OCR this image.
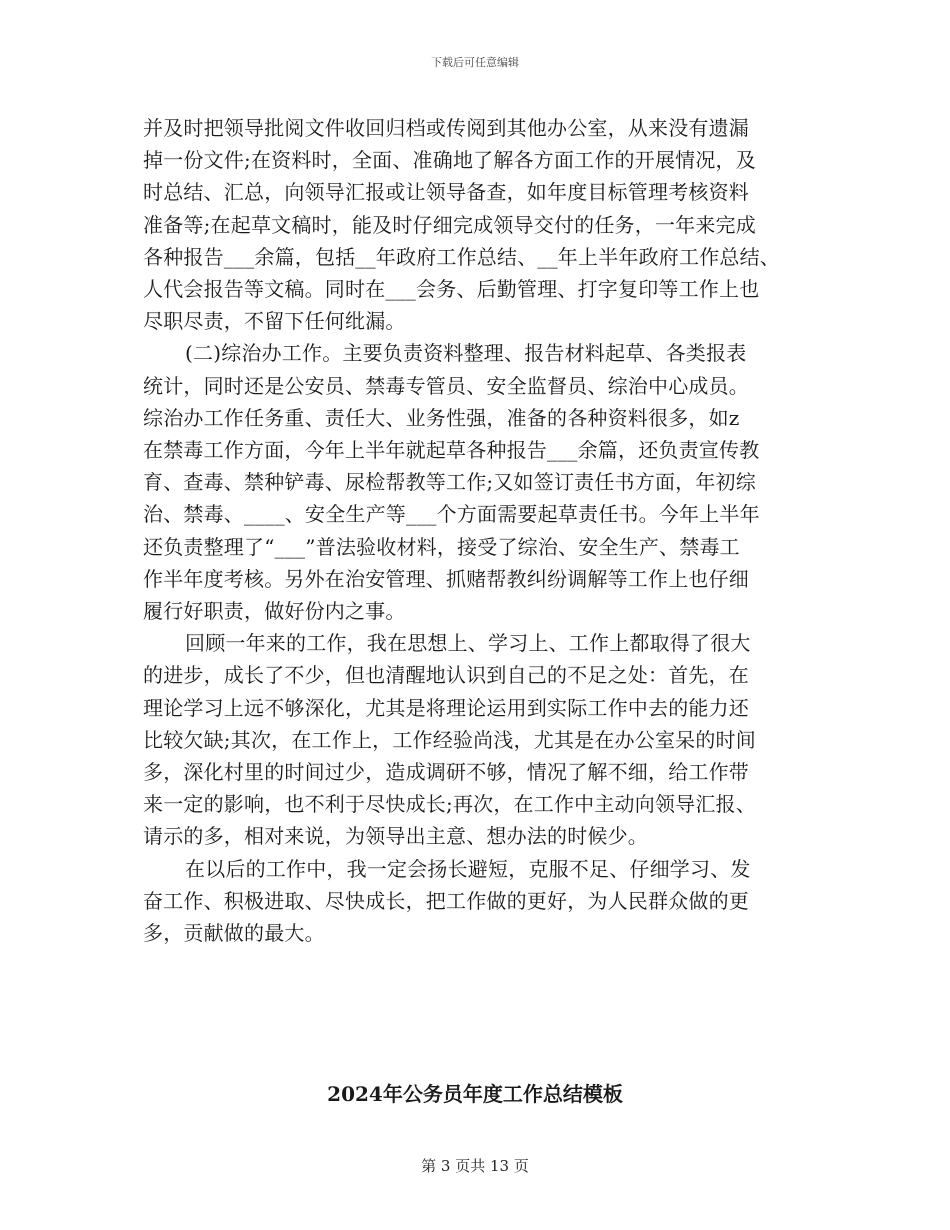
下载后可任意编辑
并及时把领导批阅文件收回归档或传阅到其他办公室，从来没有遗漏
掉一份文件;在资料时，全面、准确地了解各方面工作的开展情况，及
时总结、汇总，向领导汇报或让领导备查，如年度目标管理考核资料
准备等;在起草文稿时，能及时仔细完成领导交付的任务，一年来完成
各种报告___余篇，包括__年政府工作总结、__年上半年政府工作总结、
人代会报告等文稿。同时在___会务、后勤管理、打字复印等工作上也
尽职尽责，不留下任何纰漏。
(二)综治办工作。主要负责资料整理、报告材料起草、各类报表
统计，同时还是公安员、禁毒专管员、安全监督员、综治中心成员。
综治办工作任务重、责任大、业务性强，准备的各种资料很多，如z
在禁毒工作方面，今年上半年就起草各种报告___余篇，还负责宣传教
育、查毒、禁种铲毒、尿检帮教等工作;又如签订责任书方面，年初综
治、禁毒、____、安全生产等___个方面需要起草责任书。今年上半年
还负责整理了“___”普法验收材料，接受了综治、安全生产、禁毒工
作半年度考核。另外在治安管理、抓赌帮教纠纷调解等工作上也仔细
履行好职责，做好份内之事。
回顾一年来的工作，我在思想上、学习上、工作上都取得了很大
的进步，成长了不少，但也清醒地认识到自己的不足之处：首先，在
理论学习上远不够深化，尤其是将理论运用到实际工作中去的能力还
比较欠缺;其次，在工作上，工作经验尚浅，尤其是在办公室呆的时间
多，深化村里的时间过少，造成调研不够，情况了解不细，给工作带
来一定的影响，也不利于尽快成长;再次，在工作中主动向领导汇报、
请示的多，相对来说，为领导出主意、想办法的时候少。
在以后的工作中，我一定会扬长避短，克服不足、仔细学习、发
奋工作、积极进取、尽快成长，把工作做的更好，为人民群众做的更
多，贡献做的最大。
2024年公务员年度工作总结模板
第 3 页共 13 页
